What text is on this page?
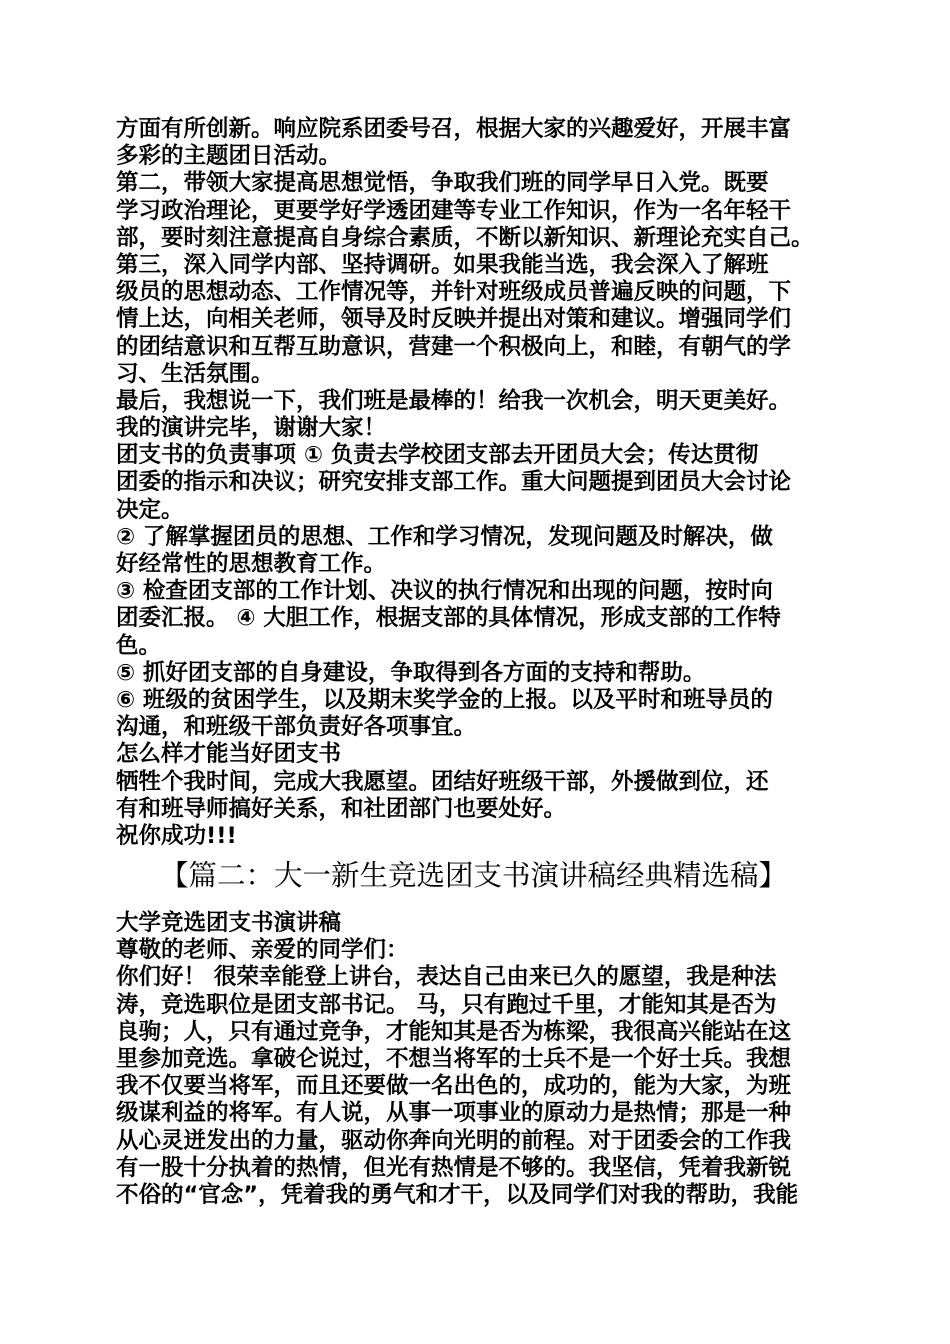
方面有所创新。响应院系团委号召，根据大家的兴趣爱好，开展丰富
多彩的主题团日活动。
第二，带领大家提高思想觉悟，争取我们班的同学早日入党。既要
学习政治理论，更要学好学透团建等专业工作知识，作为一名年轻干
部，要时刻注意提高自身综合素质，不断以新知识、新理论充实自己。
第三，深入同学内部、坚持调研。如果我能当选，我会深入了解班
级员的思想动态、工作情况等，并针对班级成员普遍反映的问题，下
情上达，向相关老师，领导及时反映并提出对策和建议。增强同学们
的团结意识和互帮互助意识，营建一个积极向上，和睦，有朝气的学
习、生活氛围。
最后，我想说一下，我们班是最棒的！给我一次机会，明天更美好。
我的演讲完毕，谢谢大家！
团支书的负责事项 ① 负责去学校团支部去开团员大会；传达贯彻
团委的指示和决议；研究安排支部工作。重大问题提到团员大会讨论
决定。
② 了解掌握团员的思想、工作和学习情况，发现问题及时解决，做
好经常性的思想教育工作。
③ 检查团支部的工作计划、决议的执行情况和出现的问题，按时向
团委汇报。 ④ 大胆工作，根据支部的具体情况，形成支部的工作特
色。
⑤ 抓好团支部的自身建设，争取得到各方面的支持和帮助。
⑥ 班级的贫困学生，以及期末奖学金的上报。以及平时和班导员的
沟通，和班级干部负责好各项事宜。
怎么样才能当好团支书
牺牲个我时间，完成大我愿望。团结好班级干部，外援做到位，还
有和班导师搞好关系，和社团部门也要处好。
祝你成功!!!
【篇二：大一新生竞选团支书演讲稿经典精选稿】
大学竞选团支书演讲稿
尊敬的老师、亲爱的同学们：
你们好！ 很荣幸能登上讲台，表达自己由来已久的愿望，我是种法
涛，竞选职位是团支部书记。 马，只有跑过千里，才能知其是否为
良驹；人，只有通过竞争，才能知其是否为栋梁，我很高兴能站在这
里参加竞选。拿破仑说过，不想当将军的士兵不是一个好士兵。我想
我不仅要当将军，而且还要做一名出色的，成功的，能为大家，为班
级谋利益的将军。有人说，从事一项事业的原动力是热情；那是一种
从心灵迸发出的力量，驱动你奔向光明的前程。对于团委会的工作我
有一股十分执着的热情，但光有热情是不够的。我坚信，凭着我新锐
不俗的“官念”，凭着我的勇气和才干，以及同学们对我的帮助，我能
